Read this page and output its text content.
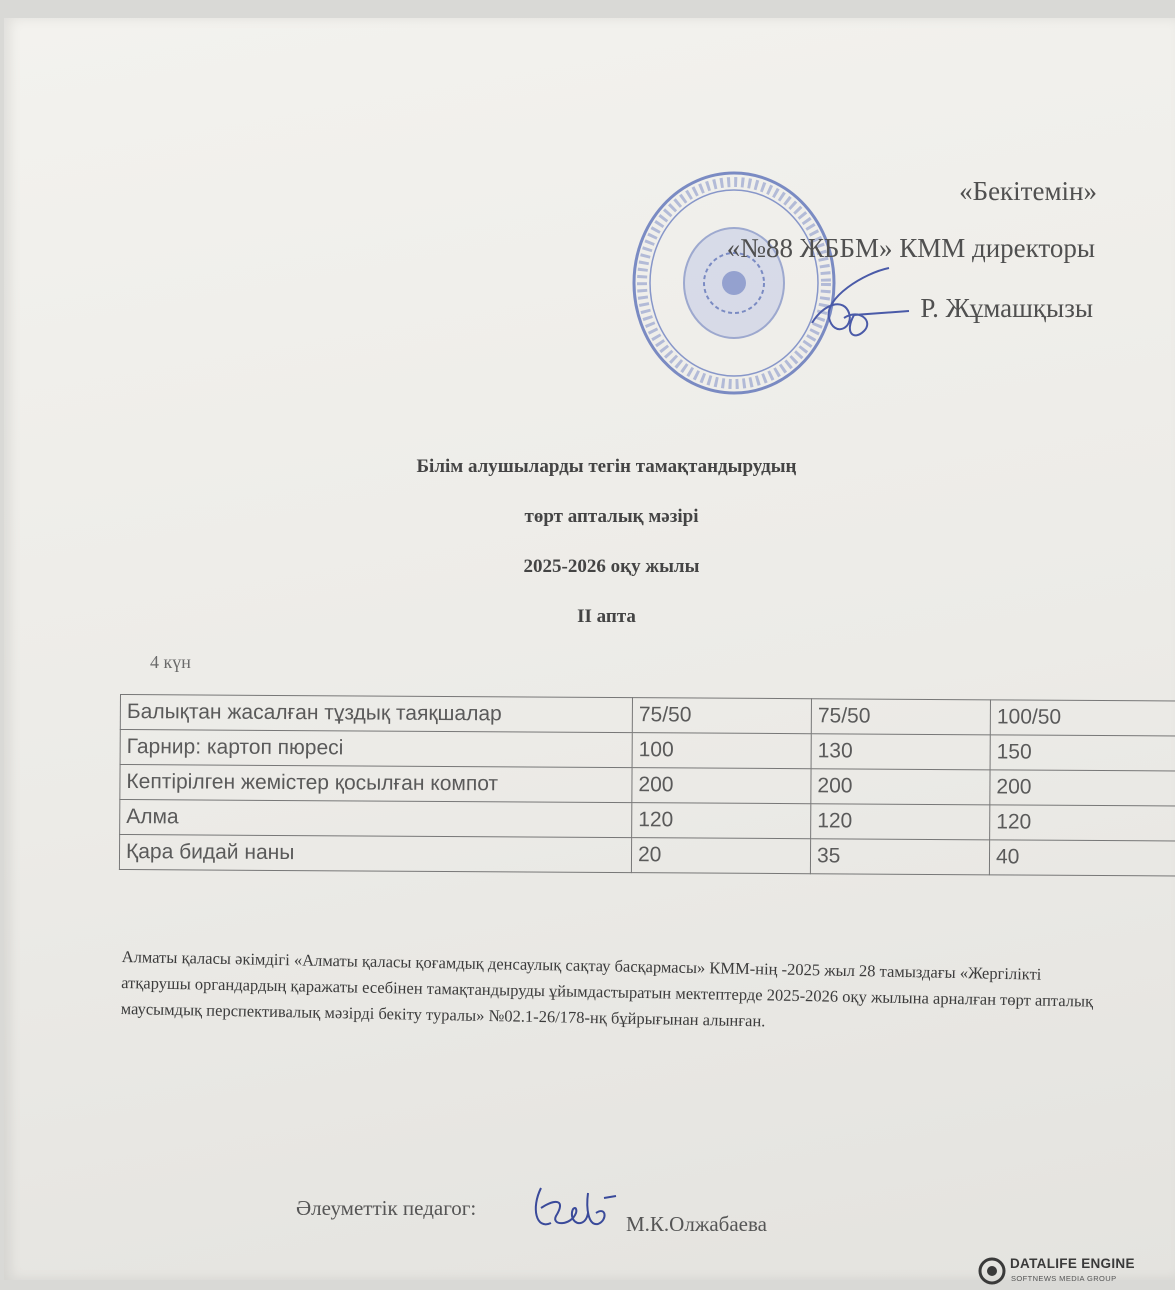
«Бекітемін»
«№88 ЖББМ» КММ директоры
Р. Жұмашқызы
Білім алушыларды тегін тамақтандырудың
төрт апталық мәзірі
2025-2026 оқу жылы
II апта
4 күн
Балықтан жасалған тұздық таяқшалар	75/50	75/50	100/50
Гарнир: картоп пюресі	100	130	150
Кептірілген жемістер қосылған компот	200	200	200
Алма	120	120	120
Қара бидай наны	20	35	40
Алматы қаласы әкімдігі «Алматы қаласы қоғамдық денсаулық сақтау басқармасы» КММ-нің -2025 жыл 28 тамыздағы «Жергілікті атқарушы органдардың қаражаты есебінен тамақтандыруды ұйымдастыратын мектептерде 2025-2026 оқу жылына арналған төрт апталық маусымдық перспективалық мәзірді бекіту туралы» №02.1-26/178-нқ бұйрығынан алынған.
Әлеуметтік педагог:
М.К.Олжабаева
DATALIFE ENGINE
SOFTNEWS MEDIA GROUP
